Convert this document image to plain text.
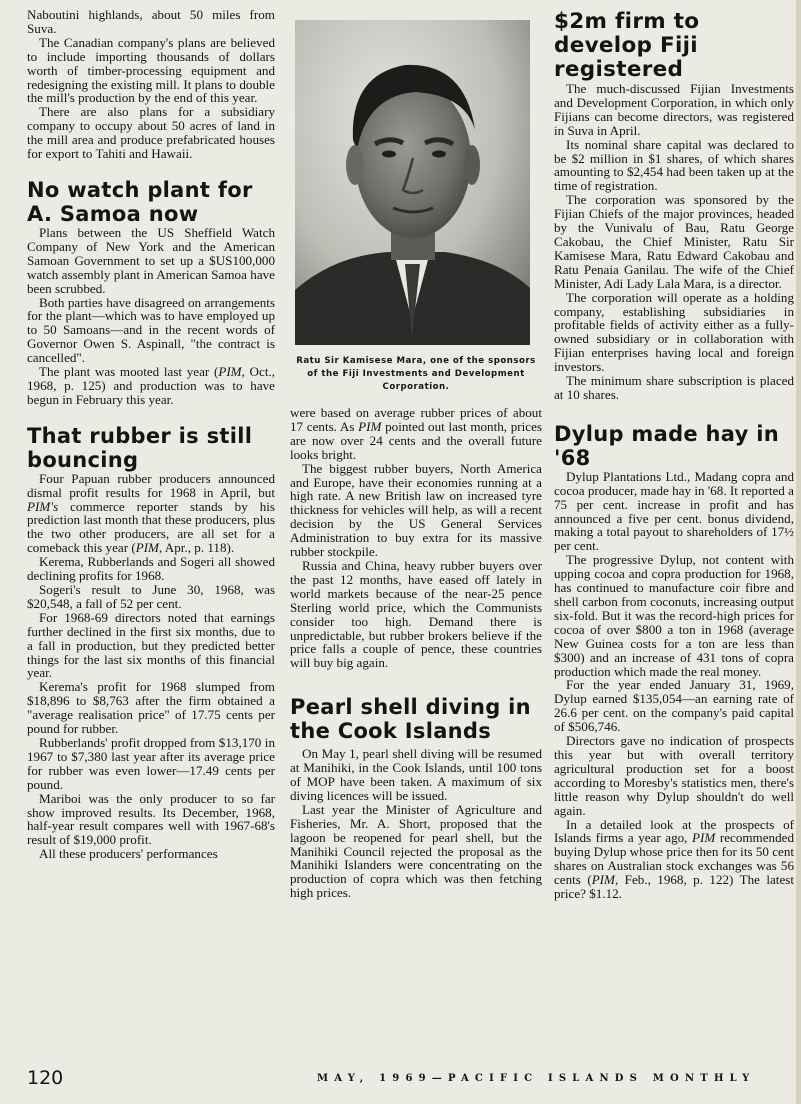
Naboutini highlands, about 50 miles from Suva.

The Canadian company's plans are believed to include importing thousands of dollars worth of timber-processing equipment and redesigning the existing mill. It plans to double the mill's production by the end of this year.

There are also plans for a subsidiary company to occupy about 50 acres of land in the mill area and produce prefabricated houses for export to Tahiti and Hawaii.

No watch plant for A. Samoa now

Plans between the US Sheffield Watch Company of New York and the American Samoan Government to set up a $US100,000 watch assembly plant in American Samoa have been scrubbed.

Both parties have disagreed on arrangements for the plant—which was to have employed up to 50 Samoans—and in the recent words of Governor Owen S. Aspinall, "the contract is cancelled".

The plant was mooted last year (PIM, Oct., 1968, p. 125) and production was to have begun in February this year.

That rubber is still bouncing

Four Papuan rubber producers announced dismal profit results for 1968 in April, but PIM's commerce reporter stands by his prediction last month that these producers, plus the two other producers, are all set for a comeback this year (PIM, Apr., p. 118).

Kerema, Rubberlands and Sogeri all showed declining profits for 1968.

Sogeri's result to June 30, 1968, was $20,548, a fall of 52 per cent.

For 1968-69 directors noted that earnings further declined in the first six months, due to a fall in production, but they predicted better things for the last six months of this financial year.

Kerema's profit for 1968 slumped from $18,896 to $8,763 after the firm obtained a "average realisation price" of 17.75 cents per pound for rubber.

Rubberlands' profit dropped from $13,170 in 1967 to $7,380 last year after its average price for rubber was even lower—17.49 cents per pound.

Mariboi was the only producer to so far show improved results. Its December, 1968, half-year result compares well with 1967-68's result of $19,000 profit.

All these producers' performances

Ratu Sir Kamisese Mara, one of the sponsors of the Fiji Investments and Development Corporation.

were based on average rubber prices of about 17 cents. As PIM pointed out last month, prices are now over 24 cents and the overall future looks bright.

The biggest rubber buyers, North America and Europe, have their economies running at a high rate. A new British law on increased tyre thickness for vehicles will help, as will a recent decision by the US General Services Administration to buy extra for its massive rubber stockpile.

Russia and China, heavy rubber buyers over the past 12 months, have eased off lately in world markets because of the near-25 pence Sterling world price, which the Communists consider too high. Demand there is unpredictable, but rubber brokers believe if the price falls a couple of pence, these countries will buy big again.

Pearl shell diving in the Cook Islands

On May 1, pearl shell diving will be resumed at Manihiki, in the Cook Islands, until 100 tons of MOP have been taken. A maximum of six diving licences will be issued.

Last year the Minister of Agriculture and Fisheries, Mr. A. Short, proposed that the lagoon be reopened for pearl shell, but the Manihiki Council rejected the proposal as the Manihiki Islanders were concentrating on the production of copra which was then fetching high prices.

$2m firm to develop Fiji registered

The much-discussed Fijian Investments and Development Corporation, in which only Fijians can become directors, was registered in Suva in April.

Its nominal share capital was declared to be $2 million in $1 shares, of which shares amounting to $2,454 had been taken up at the time of registration.

The corporation was sponsored by the Fijian Chiefs of the major provinces, headed by the Vunivalu of Bau, Ratu George Cakobau, the Chief Minister, Ratu Sir Kamisese Mara, Ratu Edward Cakobau and Ratu Penaia Ganilau. The wife of the Chief Minister, Adi Lady Lala Mara, is a director.

The corporation will operate as a holding company, establishing subsidiaries in profitable fields of activity either as a fully-owned subsidiary or in collaboration with Fijian enterprises having local and foreign investors.

The minimum share subscription is placed at 10 shares.

Dylup made hay in '68

Dylup Plantations Ltd., Madang copra and cocoa producer, made hay in '68. It reported a 75 per cent. increase in profit and has announced a five per cent. bonus dividend, making a total payout to shareholders of 17½ per cent.

The progressive Dylup, not content with upping cocoa and copra production for 1968, has continued to manufacture coir fibre and shell carbon from coconuts, increasing output six-fold. But it was the record-high prices for cocoa of over $800 a ton in 1968 (average New Guinea costs for a ton are less than $300) and an increase of 431 tons of copra production which made the real money.

For the year ended January 31, 1969, Dylup earned $135,054—an earning rate of 26.6 per cent. on the company's paid capital of $506,746.

Directors gave no indication of prospects this year but with overall territory agricultural production set for a boost according to Moresby's statistics men, there's little reason why Dylup shouldn't do well again.

In a detailed look at the prospects of Islands firms a year ago, PIM recommended buying Dylup whose price then for its 50 cent shares on Australian stock exchanges was 56 cents (PIM, Feb., 1968, p. 122) The latest price? $1.12.

120	MAY, 1969—PACIFIC ISLANDS MONTHLY
